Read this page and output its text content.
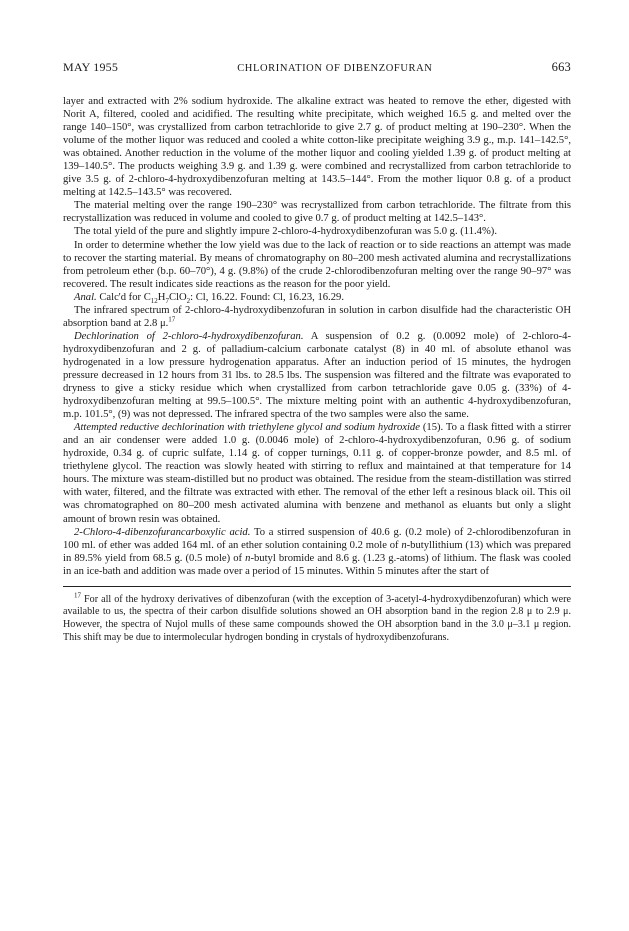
MAY 1955	CHLORINATION OF DIBENZOFURAN	663

layer and extracted with 2% sodium hydroxide. The alkaline extract was heated to remove the ether, digested with Norit A, filtered, cooled and acidified. The resulting white precipitate, which weighed 16.5 g. and melted over the range 140–150°, was crystallized from carbon tetrachloride to give 2.7 g. of product melting at 190–230°. When the volume of the mother liquor was reduced and cooled a white cotton-like precipitate weighing 3.9 g., m.p. 141–142.5°, was obtained. Another reduction in the volume of the mother liquor and cooling yielded 1.39 g. of product melting at 139–140.5°. The products weighing 3.9 g. and 1.39 g. were combined and recrystallized from carbon tetrachloride to give 3.5 g. of 2-chloro-4-hydroxydibenzofuran melting at 143.5–144°. From the mother liquor 0.8 g. of a product melting at 142.5–143.5° was recovered.

The material melting over the range 190–230° was recrystallized from carbon tetrachloride. The filtrate from this recrystallization was reduced in volume and cooled to give 0.7 g. of product melting at 142.5–143°.

The total yield of the pure and slightly impure 2-chloro-4-hydroxydibenzofuran was 5.0 g. (11.4%).

In order to determine whether the low yield was due to the lack of reaction or to side reactions an attempt was made to recover the starting material. By means of chromatography on 80–200 mesh activated alumina and recrystallizations from petroleum ether (b.p. 60–70°), 4 g. (9.8%) of the crude 2-chlorodibenzofuran melting over the range 90–97° was recovered. The result indicates side reactions as the reason for the poor yield.

Anal. Calc'd for $C_{12}H_7ClO_2$: Cl, 16.22. Found: Cl, 16.23, 16.29.

The infrared spectrum of 2-chloro-4-hydroxydibenzofuran in solution in carbon disulfide had the characteristic OH absorption band at 2.8 μ.$^{17}$

Dechlorination of 2-chloro-4-hydroxydibenzofuran. A suspension of 0.2 g. (0.0092 mole) of 2-chloro-4-hydroxydibenzofuran and 2 g. of palladium-calcium carbonate catalyst (8) in 40 ml. of absolute ethanol was hydrogenated in a low pressure hydrogenation apparatus. After an induction period of 15 minutes, the hydrogen pressure decreased in 12 hours from 31 lbs. to 28.5 lbs. The suspension was filtered and the filtrate was evaporated to dryness to give a sticky residue which when crystallized from carbon tetrachloride gave 0.05 g. (33%) of 4-hydroxydibenzofuran melting at 99.5–100.5°. The mixture melting point with an authentic 4-hydroxydibenzofuran, m.p. 101.5°, (9) was not depressed. The infrared spectra of the two samples were also the same.

Attempted reductive dechlorination with triethylene glycol and sodium hydroxide (15). To a flask fitted with a stirrer and an air condenser were added 1.0 g. (0.0046 mole) of 2-chloro-4-hydroxydibenzofuran, 0.96 g. of sodium hydroxide, 0.34 g. of cupric sulfate, 1.14 g. of copper turnings, 0.11 g. of copper-bronze powder, and 8.5 ml. of triethylene glycol. The reaction was slowly heated with stirring to reflux and maintained at that temperature for 14 hours. The mixture was steam-distilled but no product was obtained. The residue from the steam-distillation was stirred with water, filtered, and the filtrate was extracted with ether. The removal of the ether left a resinous black oil. This oil was chromatographed on 80–200 mesh activated alumina with benzene and methanol as eluants but only a slight amount of brown resin was obtained.

2-Chloro-4-dibenzofurancarboxylic acid. To a stirred suspension of 40.6 g. (0.2 mole) of 2-chlorodibenzofuran in 100 ml. of ether was added 164 ml. of an ether solution containing 0.2 mole of n-butyllithium (13) which was prepared in 89.5% yield from 68.5 g. (0.5 mole) of n-butyl bromide and 8.6 g. (1.23 g.-atoms) of lithium. The flask was cooled in an ice-bath and addition was made over a period of 15 minutes. Within 5 minutes after the start of

$^{17}$ For all of the hydroxy derivatives of dibenzofuran (with the exception of 3-acetyl-4-hydroxydibenzofuran) which were available to us, the spectra of their carbon disulfide solutions showed an OH absorption band in the region 2.8 μ to 2.9 μ. However, the spectra of Nujol mulls of these same compounds showed the OH absorption band in the 3.0 μ–3.1 μ region. This shift may be due to intermolecular hydrogen bonding in crystals of hydroxydibenzofurans.
